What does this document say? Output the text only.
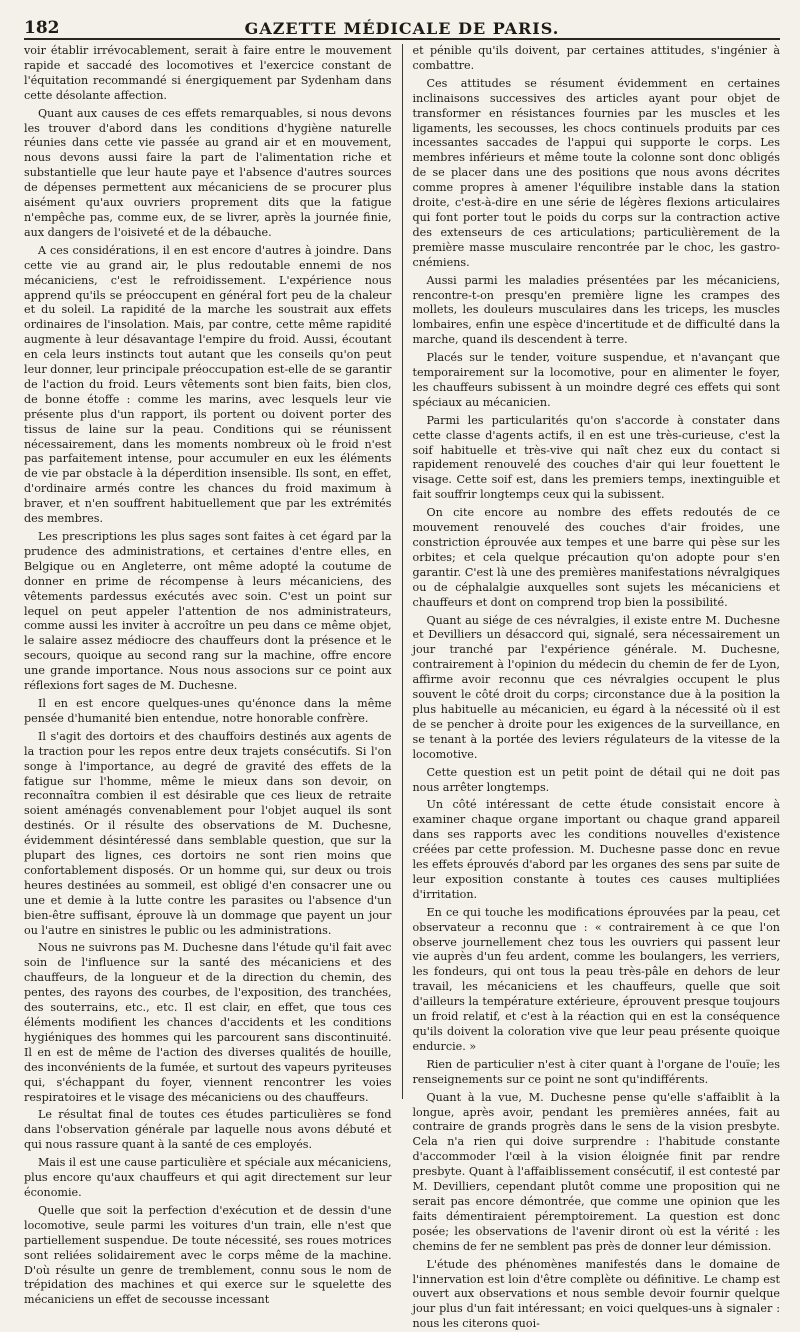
182	GAZETTE MÉDICALE DE PARIS.

voir établir irrévocablement, serait à faire entre le mouvement rapide et saccadé des locomotives et l'exercice constant de l'équitation recommandé si énergiquement par Sydenham dans cette désolante affection.

Quant aux causes de ces effets remarquables, si nous devons les trouver d'abord dans les conditions d'hygiène naturelle réunies dans cette vie passée au grand air et en mouvement, nous devons aussi faire la part de l'alimentation riche et substantielle que leur haute paye et l'absence d'autres sources de dépenses permettent aux mécaniciens de se procurer plus aisément qu'aux ouvriers proprement dits que la fatigue n'empêche pas, comme eux, de se livrer, après la journée finie, aux dangers de l'oisiveté et de la débauche.

A ces considérations, il en est encore d'autres à joindre. Dans cette vie au grand air, le plus redoutable ennemi de nos mécaniciens, c'est le refroidissement. L'expérience nous apprend qu'ils se préoccupent en général fort peu de la chaleur et du soleil. La rapidité de la marche les soustrait aux effets ordinaires de l'insolation. Mais, par contre, cette même rapidité augmente à leur désavantage l'empire du froid. Aussi, écoutant en cela leurs instincts tout autant que les conseils qu'on peut leur donner, leur principale préoccupation est-elle de se garantir de l'action du froid. Leurs vêtements sont bien faits, bien clos, de bonne étoffe : comme les marins, avec lesquels leur vie présente plus d'un rapport, ils portent ou doivent porter des tissus de laine sur la peau. Conditions qui se réunissent nécessairement, dans les moments nombreux où le froid n'est pas parfaitement intense, pour accumuler en eux les éléments de vie par obstacle à la déperdition insensible. Ils sont, en effet, d'ordinaire armés contre les chances du froid maximum à braver, et n'en souffrent habituellement que par les extrémités des membres.

Les prescriptions les plus sages sont faites à cet égard par la prudence des administrations, et certaines d'entre elles, en Belgique ou en Angleterre, ont même adopté la coutume de donner en prime de récompense à leurs mécaniciens, des vêtements pardessus exécutés avec soin. C'est un point sur lequel on peut appeler l'attention de nos administrateurs, comme aussi les inviter à accroître un peu dans ce même objet, le salaire assez médiocre des chauffeurs dont la présence et le secours, quoique au second rang sur la machine, offre encore une grande importance. Nous nous associons sur ce point aux réflexions fort sages de M. Duchesne.

Il en est encore quelques-unes qu'énonce dans la même pensée d'humanité bien entendue, notre honorable confrère.

Il s'agit des dortoirs et des chauffoirs destinés aux agents de la traction pour les repos entre deux trajets consécutifs. Si l'on songe à l'importance, au degré de gravité des effets de la fatigue sur l'homme, même le mieux dans son devoir, on reconnaîtra combien il est désirable que ces lieux de retraite soient aménagés convenablement pour l'objet auquel ils sont destinés. Or il résulte des observations de M. Duchesne, évidemment désintéressé dans semblable question, que sur la plupart des lignes, ces dortoirs ne sont rien moins que confortablement disposés. Or un homme qui, sur deux ou trois heures destinées au sommeil, est obligé d'en consacrer une ou une et demie à la lutte contre les parasites ou l'absence d'un bien-être suffisant, éprouve là un dommage que payent un jour ou l'autre en sinistres le public ou les administrations.

Nous ne suivrons pas M. Duchesne dans l'étude qu'il fait avec soin de l'influence sur la santé des mécaniciens et des chauffeurs, de la longueur et de la direction du chemin, des pentes, des rayons des courbes, de l'exposition, des tranchées, des souterrains, etc., etc. Il est clair, en effet, que tous ces éléments modifient les chances d'accidents et les conditions hygiéniques des hommes qui les parcourent sans discontinuité. Il en est de même de l'action des diverses qualités de houille, des inconvénients de la fumée, et surtout des vapeurs pyriteuses qui, s'échappant du foyer, viennent rencontrer les voies respiratoires et le visage des mécaniciens ou des chauffeurs.

Le résultat final de toutes ces études particulières se fond dans l'observation générale par laquelle nous avons débuté et qui nous rassure quant à la santé de ces employés.

Mais il est une cause particulière et spéciale aux mécaniciens, plus encore qu'aux chauffeurs et qui agit directement sur leur économie.

Quelle que soit la perfection d'exécution et de dessin d'une locomotive, seule parmi les voitures d'un train, elle n'est que partiellement suspendue. De toute nécessité, ses roues motrices sont reliées solidairement avec le corps même de la machine. D'où résulte un genre de tremblement, connu sous le nom de trépidation des machines et qui exerce sur le squelette des mécaniciens un effet de secousse incessant

et pénible qu'ils doivent, par certaines attitudes, s'ingénier à combattre.

Ces attitudes se résument évidemment en certaines inclinaisons successives des articles ayant pour objet de transformer en résistances fournies par les muscles et les ligaments, les secousses, les chocs continuels produits par ces incessantes saccades de l'appui qui supporte le corps. Les membres inférieurs et même toute la colonne sont donc obligés de se placer dans une des positions que nous avons décrites comme propres à amener l'équilibre instable dans la station droite, c'est-à-dire en une série de légères flexions articulaires qui font porter tout le poids du corps sur la contraction active des extenseurs de ces articulations; particulièrement de la première masse musculaire rencontrée par le choc, les gastro-cnémiens.

Aussi parmi les maladies présentées par les mécaniciens, rencontre-t-on presqu'en première ligne les crampes des mollets, les douleurs musculaires dans les triceps, les muscles lombaires, enfin une espèce d'incertitude et de difficulté dans la marche, quand ils descendent à terre.

Placés sur le tender, voiture suspendue, et n'avançant que temporairement sur la locomotive, pour en alimenter le foyer, les chauffeurs subissent à un moindre degré ces effets qui sont spéciaux au mécanicien.

Parmi les particularités qu'on s'accorde à constater dans cette classe d'agents actifs, il en est une très-curieuse, c'est la soif habituelle et très-vive qui naît chez eux du contact si rapidement renouvelé des couches d'air qui leur fouettent le visage. Cette soif est, dans les premiers temps, inextinguible et fait souffrir longtemps ceux qui la subissent.

On cite encore au nombre des effets redoutés de ce mouvement renouvelé des couches d'air froides, une constriction éprouvée aux tempes et une barre qui pèse sur les orbites; et cela quelque précaution qu'on adopte pour s'en garantir. C'est là une des premières manifestations névralgiques ou de céphalalgie auxquelles sont sujets les mécaniciens et chauffeurs et dont on comprend trop bien la possibilité.

Quant au siége de ces névralgies, il existe entre M. Duchesne et Devilliers un désaccord qui, signalé, sera nécessairement un jour tranché par l'expérience générale. M. Duchesne, contrairement à l'opinion du médecin du chemin de fer de Lyon, affirme avoir reconnu que ces névralgies occupent le plus souvent le côté droit du corps; circonstance due à la position la plus habituelle au mécanicien, eu égard à la nécessité où il est de se pencher à droite pour les exigences de la surveillance, en se tenant à la portée des leviers régulateurs de la vitesse de la locomotive.

Cette question est un petit point de détail qui ne doit pas nous arrêter longtemps.

Un côté intéressant de cette étude consistait encore à examiner chaque organe important ou chaque grand appareil dans ses rapports avec les conditions nouvelles d'existence créées par cette profession. M. Duchesne passe donc en revue les effets éprouvés d'abord par les organes des sens par suite de leur exposition constante à toutes ces causes multipliées d'irritation.

En ce qui touche les modifications éprouvées par la peau, cet observateur a reconnu que : « contrairement à ce que l'on observe journellement chez tous les ouvriers qui passent leur vie auprès d'un feu ardent, comme les boulangers, les verriers, les fondeurs, qui ont tous la peau très-pâle en dehors de leur travail, les mécaniciens et les chauffeurs, quelle que soit d'ailleurs la température extérieure, éprouvent presque toujours un froid relatif, et c'est à la réaction qui en est la conséquence qu'ils doivent la coloration vive que leur peau présente quoique endurcie. »

Rien de particulier n'est à citer quant à l'organe de l'ouïe; les renseignements sur ce point ne sont qu'indifférents.

Quant à la vue, M. Duchesne pense qu'elle s'affaiblit à la longue, après avoir, pendant les premières années, fait au contraire de grands progrès dans le sens de la vision presbyte. Cela n'a rien qui doive surprendre : l'habitude constante d'accommoder l'œil à la vision éloignée finit par rendre presbyte. Quant à l'affaiblissement consécutif, il est contesté par M. Devilliers, cependant plutôt comme une proposition qui ne serait pas encore démontrée, que comme une opinion que les faits démentiraient péremptoirement. La question est donc posée; les observations de l'avenir diront où est la vérité : les chemins de fer ne semblent pas près de donner leur démission.

L'étude des phénomènes manifestés dans le domaine de l'innervation est loin d'être complète ou définitive. Le champ est ouvert aux observations et nous semble devoir fournir quelque jour plus d'un fait intéressant; en voici quelques-uns à signaler : nous les citerons quoi-
